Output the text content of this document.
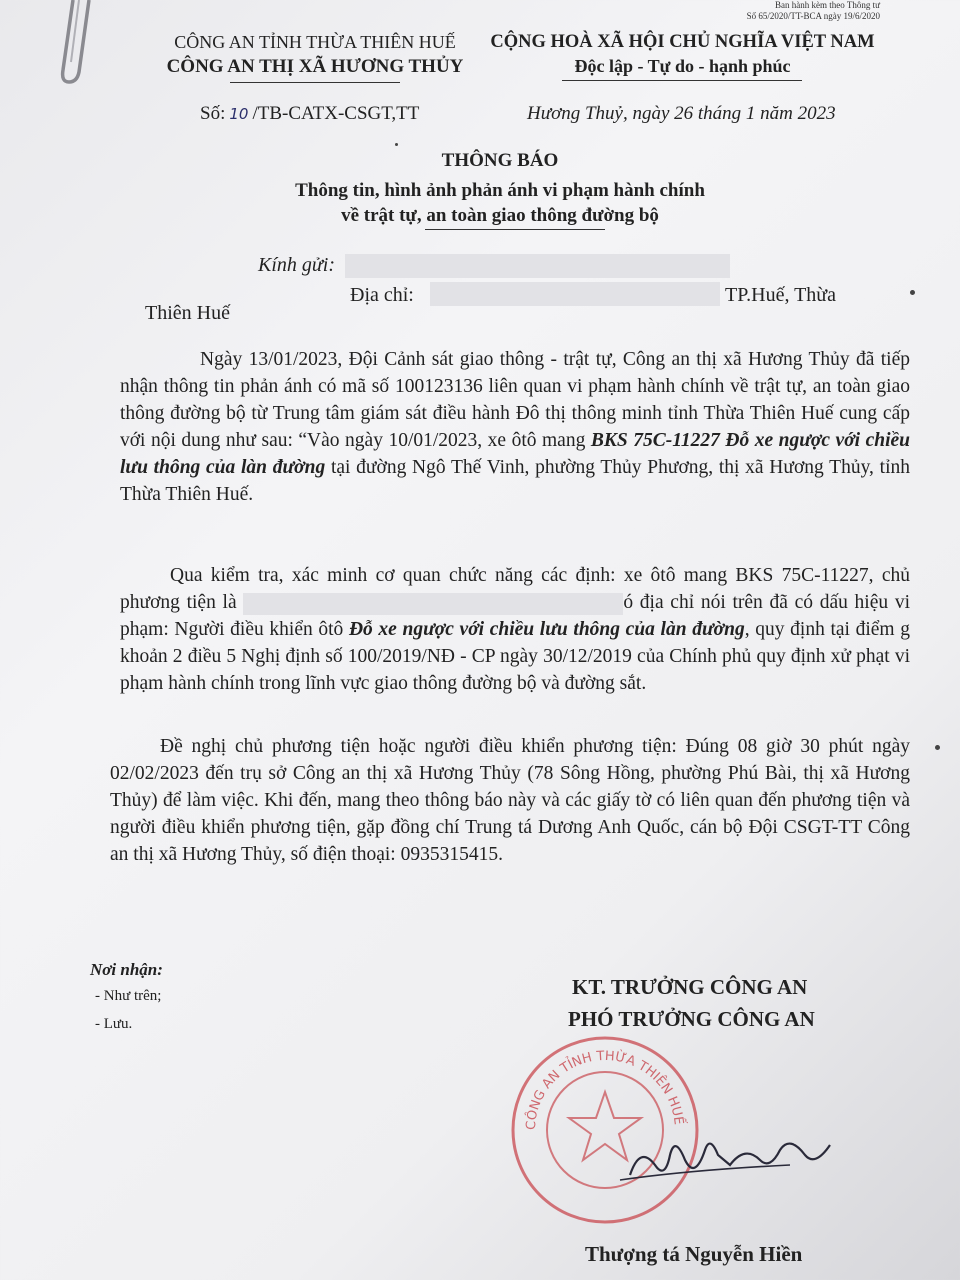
Ban hành kèm theo Thông tư
Số 65/2020/TT-BCA ngày 19/6/2020
CÔNG AN TỈNH THỪA THIÊN HUẾ
CÔNG AN THỊ XÃ HƯƠNG THỦY
CỘNG HOÀ XÃ HỘI CHỦ NGHĨA VIỆT NAM
Độc lập - Tự do - hạnh phúc
Số: 10 /TB-CATX-CSGT,TT	Hương Thuỷ, ngày 26 tháng 1 năm 2023
THÔNG BÁO
Thông tin, hình ảnh phản ánh vi phạm hành chính
về trật tự, an toàn giao thông đường bộ
Kính gửi:
Địa chỉ:	TP.Huế, Thừa
Thiên Huế
Ngày 13/01/2023, Đội Cảnh sát giao thông - trật tự, Công an thị xã Hương Thủy đã tiếp nhận thông tin phản ánh có mã số 100123136 liên quan vi phạm hành chính về trật tự, an toàn giao thông đường bộ từ Trung tâm giám sát điều hành Đô thị thông minh tỉnh Thừa Thiên Huế cung cấp với nội dung như sau: “Vào ngày 10/01/2023, xe ôtô mang BKS 75C-11227 Đỗ xe ngược với chiều lưu thông của làn đường tại đường Ngô Thế Vinh, phường Thủy Phương, thị xã Hương Thủy, tỉnh Thừa Thiên Huế.
Qua kiểm tra, xác minh cơ quan chức năng các định: xe ôtô mang BKS 75C-11227, chủ phương tiện là	ó địa chỉ nói trên đã có dấu hiệu vi phạm: Người điều khiển ôtô Đỗ xe ngược với chiều lưu thông của làn đường, quy định tại điểm g khoản 2 điều 5 Nghị định số 100/2019/NĐ - CP ngày 30/12/2019 của Chính phủ quy định xử phạt vi phạm hành chính trong lĩnh vực giao thông đường bộ và đường sắt.
Đề nghị chủ phương tiện hoặc người điều khiển phương tiện: Đúng 08 giờ 30 phút ngày 02/02/2023 đến trụ sở Công an thị xã Hương Thủy (78 Sông Hồng, phường Phú Bài, thị xã Hương Thủy) để làm việc. Khi đến, mang theo thông báo này và các giấy tờ có liên quan đến phương tiện và người điều khiển phương tiện, gặp đồng chí Trung tá Dương Anh Quốc, cán bộ Đội CSGT-TT Công an thị xã Hương Thủy, số điện thoại: 0935315415.
Nơi nhận:
- Như trên;
- Lưu.
KT. TRƯỞNG CÔNG AN
PHÓ TRƯỞNG CÔNG AN
CÔNG AN TỈNH THỪA THIÊN HUẾ
Thượng tá Nguyễn Hiền
